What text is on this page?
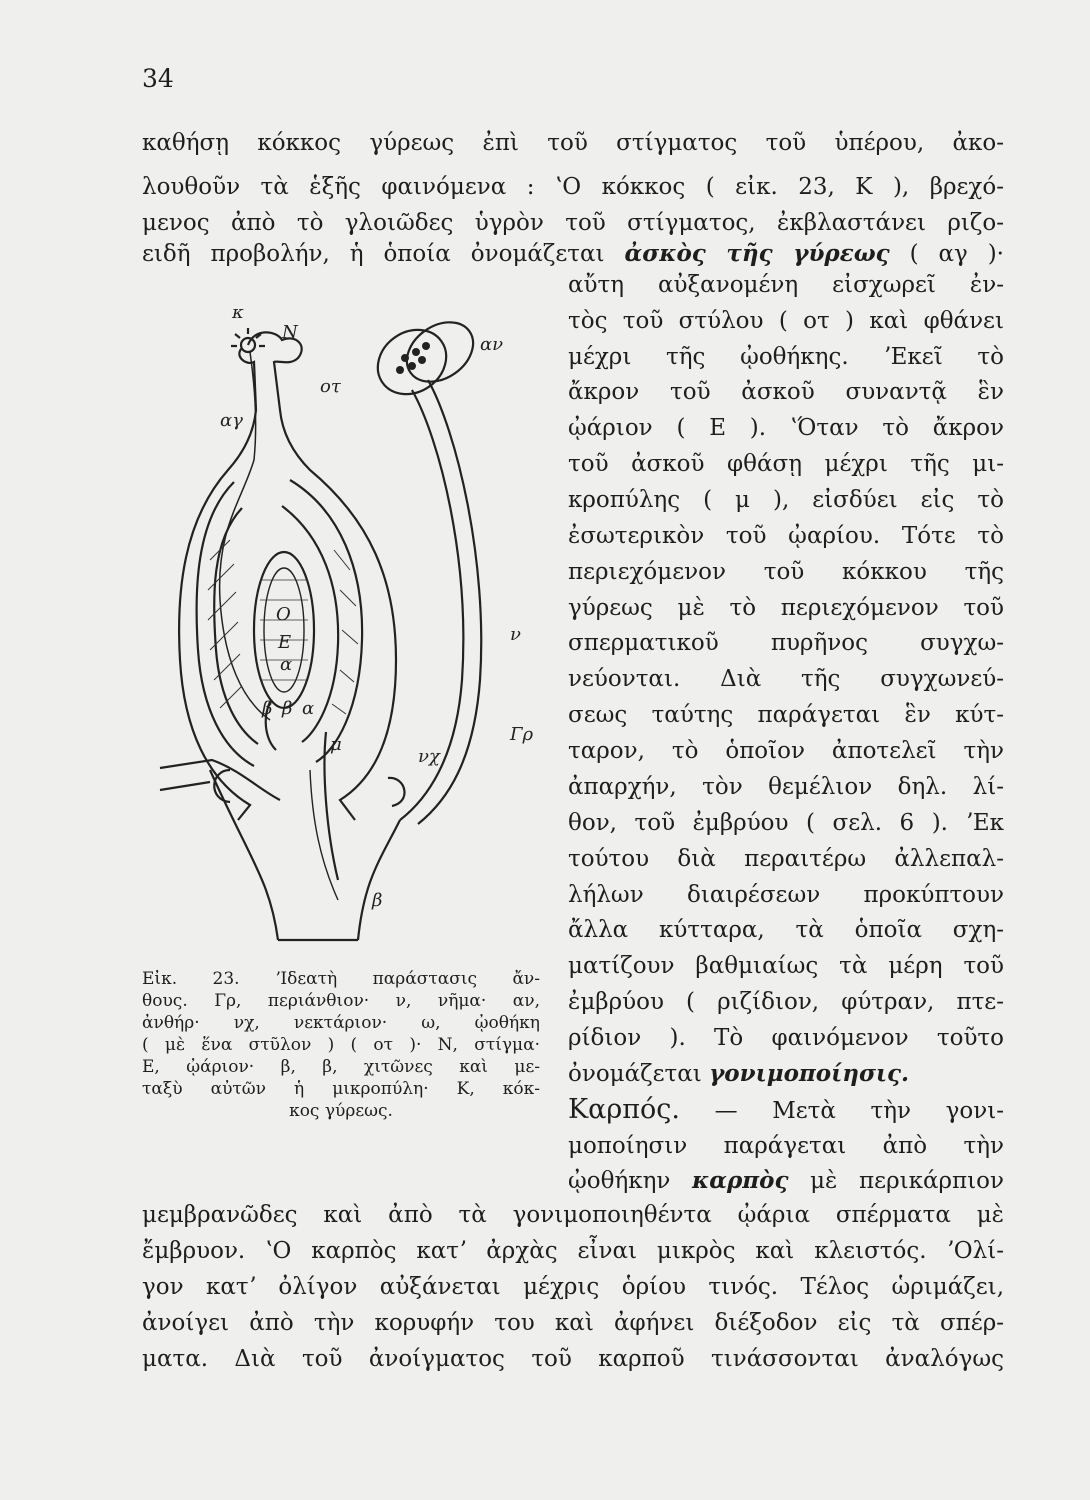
34
καθήσῃ κόκκος γύρεως ἐπὶ τοῦ στίγματος τοῦ ὑπέρου, ἀκο-
λουθοῦν τὰ ἑξῆς φαινόμενα : ʽΟ κόκκος ( εἰκ. 23, Κ ), βρεχό-
μενος ἀπὸ τὸ γλοιῶδες ὑγρὸν τοῦ στίγματος, ἐκβλαστάνει ριζο-
ειδῆ προβολήν, ἡ ὁποία ὀνομάζεται ἀσκὸς τῆς γύρεως ( αγ )·
κ
Ν
οτ
αγ
αν
ν
Γρ
νχ
μ
β
Ο
Ε
α
β β α
αὔτη αὐξανομένη εἰσχωρεῖ ἐν-
τὸς τοῦ στύλου ( οτ ) καὶ φθάνει
μέχρι τῆς ᾠοθήκης. ʼΕκεῖ τὸ
ἄκρον τοῦ ἀσκοῦ συναντᾷ ἓν
ᾠάριον ( Ε ). ʽΌταν τὸ ἄκρον
τοῦ ἀσκοῦ φθάσῃ μέχρι τῆς μι-
κροπύλης ( μ ), εἰσδύει εἰς τὸ
ἐσωτερικὸν τοῦ ᾠαρίου. Τότε τὸ
περιεχόμενον τοῦ κόκκου τῆς
γύρεως μὲ τὸ περιεχόμενον τοῦ
σπερματικοῦ πυρῆνος συγχω-
νεύονται. Διὰ τῆς συγχωνεύ-
σεως ταύτης παράγεται ἓν κύτ-
ταρον, τὸ ὁποῖον ἀποτελεῖ τὴν
ἀπαρχήν, τὸν θεμέλιον δηλ. λί-
θον, τοῦ ἐμβρύου ( σελ. 6 ). ʼΕκ
τούτου διὰ περαιτέρω ἀλλεπαλ-
λήλων διαιρέσεων προκύπτουν
ἄλλα κύτταρα, τὰ ὁποῖα σχη-
ματίζουν βαθμιαίως τὰ μέρη τοῦ
ἐμβρύου ( ριζίδιον, φύτραν, πτε-
ρίδιον ). Τὸ φαινόμενον τοῦτο
ὀνομάζεται γονιμοποίησις.
Καρπός. — Μετὰ τὴν γονι-
μοποίησιν παράγεται ἀπὸ τὴν
ᾠοθήκην καρπὸς μὲ περικάρπιον
Εἰκ. 23. ʼΙδεατὴ παράστασις ἄν-
θους. Γρ, περιάνθιον· ν, νῆμα· αν,
ἀνθήρ· νχ, νεκτάριον· ω, ᾠοθήκη
( μὲ ἕνα στῦλον ) ( οτ )· Ν, στίγμα·
Ε, ᾠάριον· β, β, χιτῶνες καὶ με-
ταξὺ αὐτῶν ἡ μικροπύλη· Κ, κόκ-
κος γύρεως.
μεμβρανῶδες καὶ ἀπὸ τὰ γονιμοποιηθέντα ᾠάρια σπέρματα μὲ
ἔμβρυον. ʽΟ καρπὸς κατʼ ἀρχὰς εἶναι μικρὸς καὶ κλειστός. ʼΟλί-
γον κατʼ ὀλίγον αὐξάνεται μέχρις ὁρίου τινός. Τέλος ὡριμάζει,
ἀνοίγει ἀπὸ τὴν κορυφήν του καὶ ἀφήνει διέξοδον εἰς τὰ σπέρ-
ματα. Διὰ τοῦ ἀνοίγματος τοῦ καρποῦ τινάσσονται ἀναλόγως
